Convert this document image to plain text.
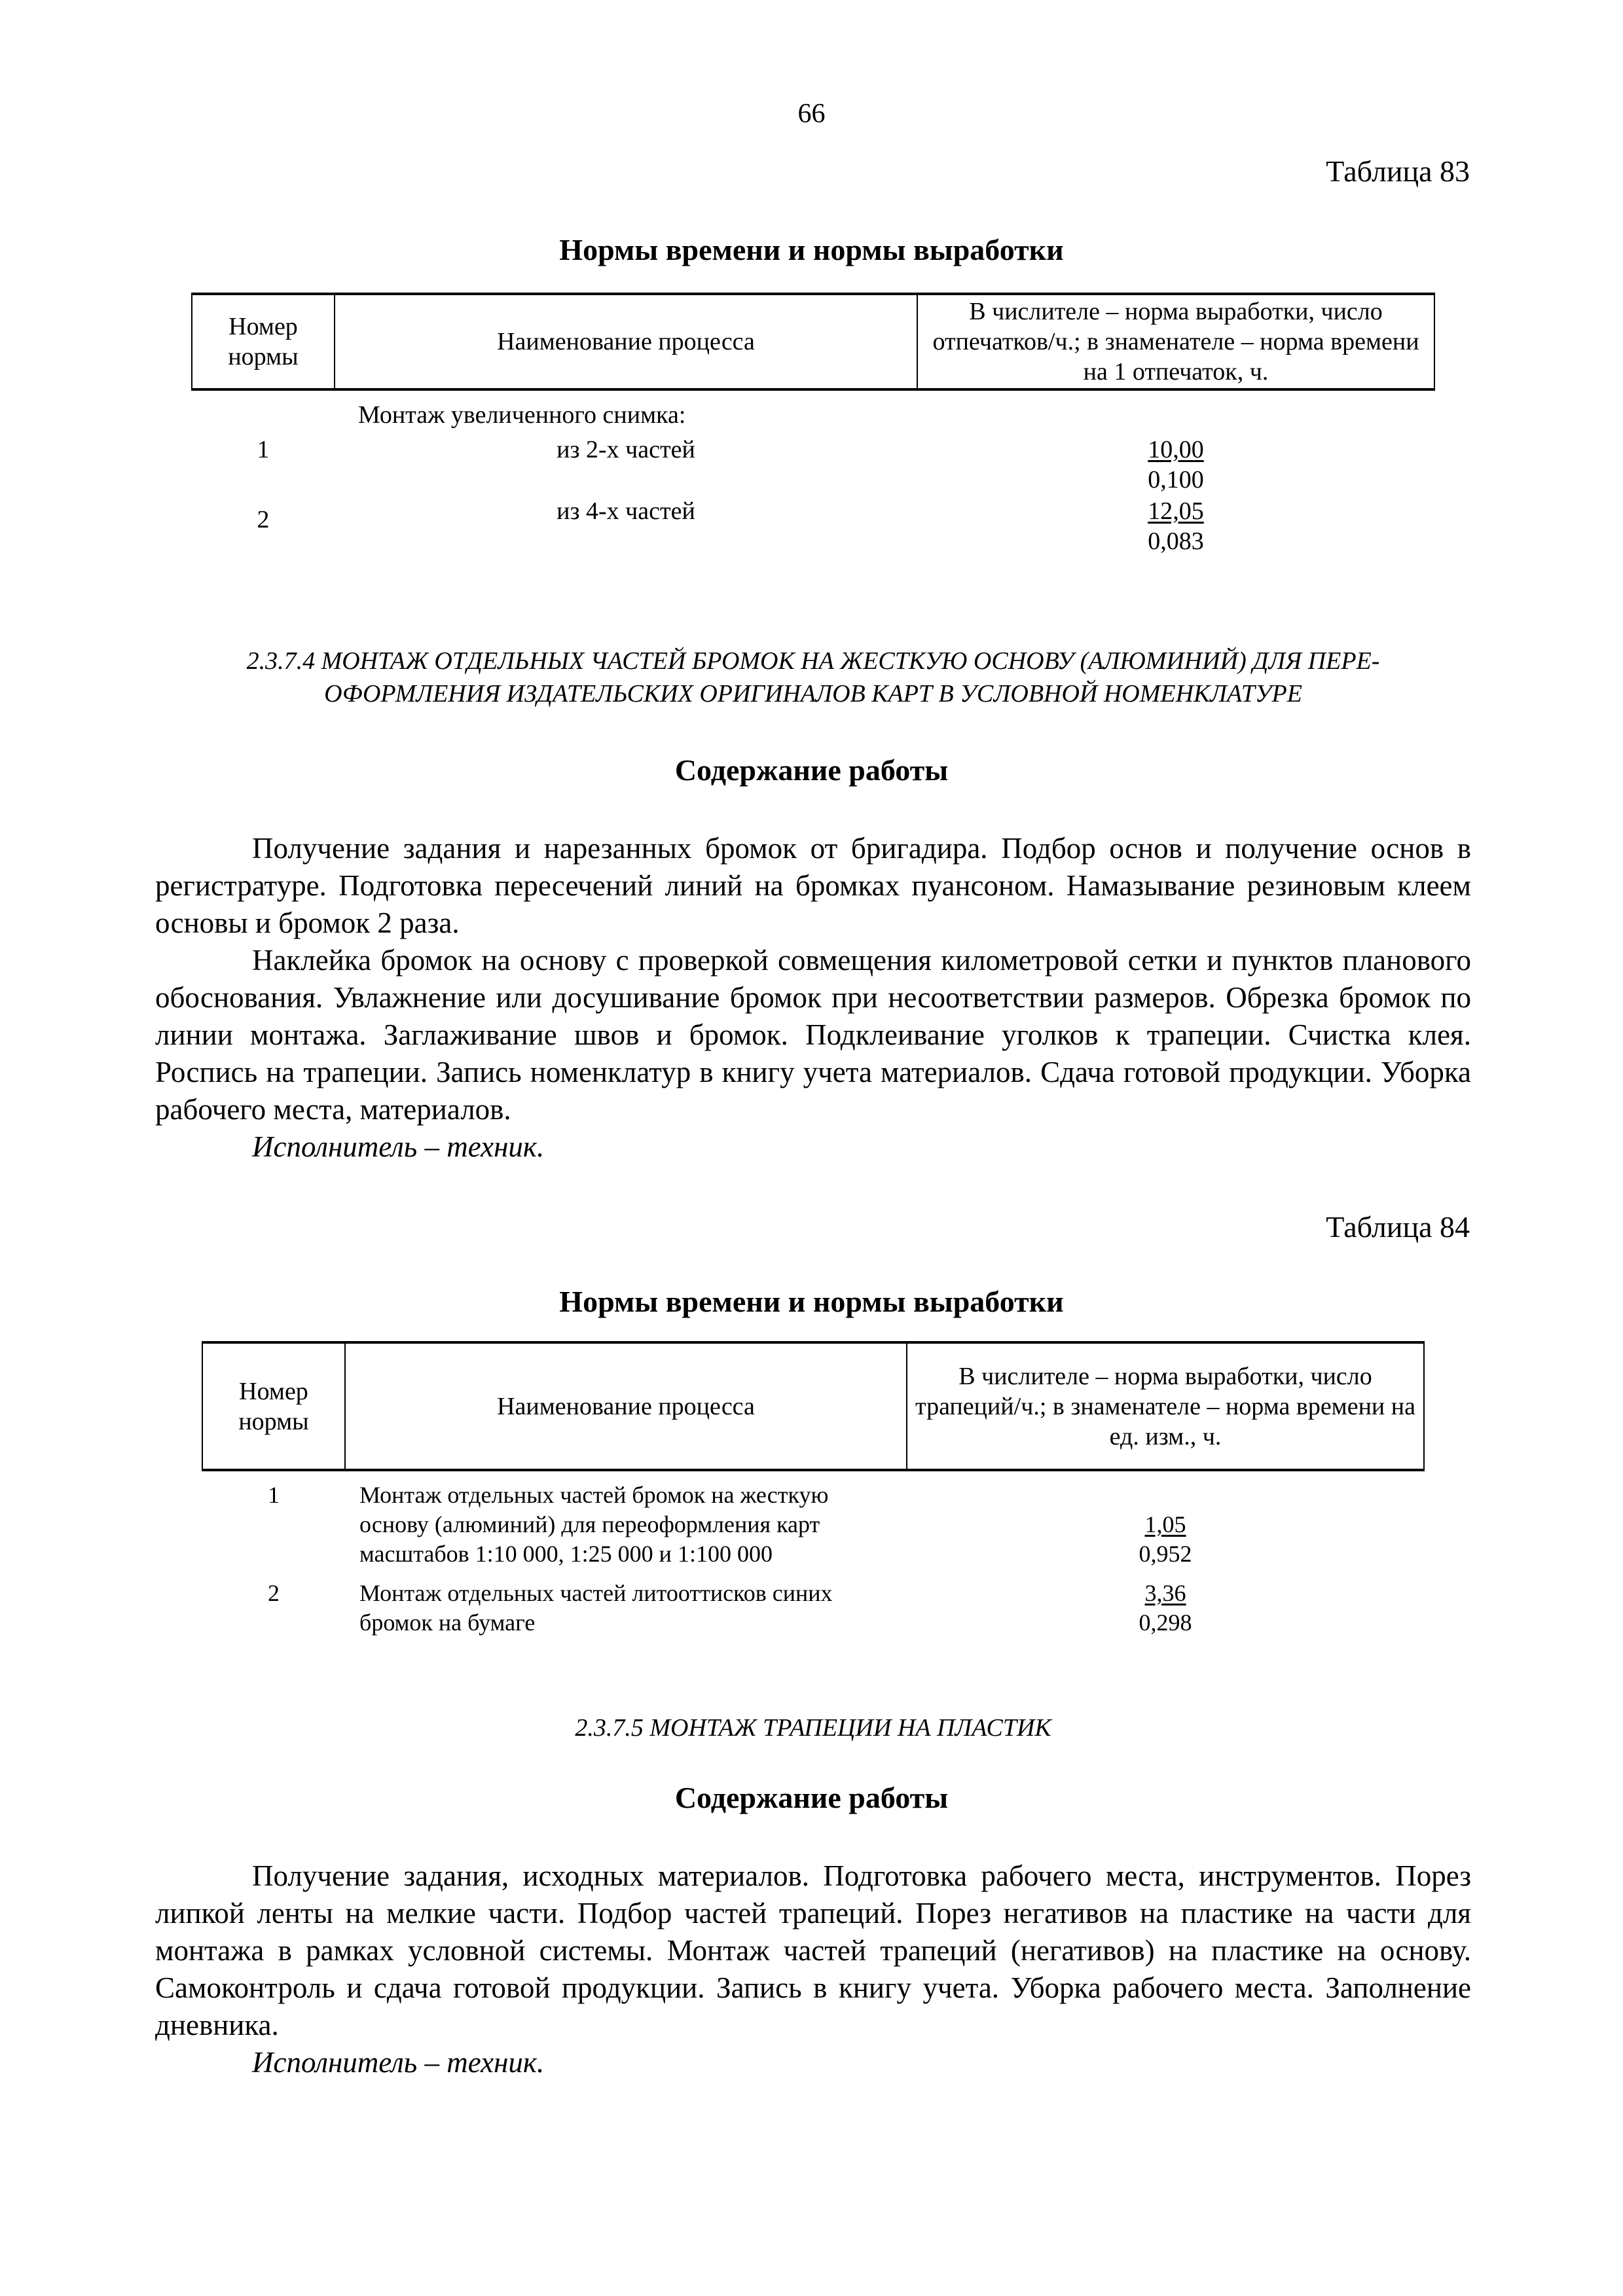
66
Таблица 83
Нормы времени и нормы выработки
Номер нормы	Наименование процесса	В числителе – норма выработки, число отпечатков/ч.; в знаменателе – норма времени на 1 отпечаток, ч.
	Монтаж увеличенного снимка:	
1	из 2-х частей	$\frac{10,00}{0,100}$

2	из 4-х частей	$\frac{12,05}{0,083}$
2.3.7.4 МОНТАЖ ОТДЕЛЬНЫХ ЧАСТЕЙ БРОМОК НА ЖЕСТКУЮ ОСНОВУ (АЛЮМИНИЙ) ДЛЯ ПЕРЕ-
ОФОРМЛЕНИЯ ИЗДАТЕЛЬСКИХ ОРИГИНАЛОВ КАРТ В УСЛОВНОЙ НОМЕНКЛАТУРЕ
Содержание работы

Получение задания и нарезанных бромок от бригадира. Подбор основ и получение основ в регистратуре. Подготовка пересечений линий на бромках пуансоном. Намазывание резиновым клеем основы и бромок 2 раза.

Наклейка бромок на основу с проверкой совмещения километровой сетки и пунктов планового обоснования. Увлажнение или досушивание бромок при несоответствии размеров. Обрезка бромок по линии монтажа. Заглаживание швов и бромок. Подклеивание уголков к трапеции. Счистка клея. Роспись на трапеции. Запись номенклатур в книгу учета материалов. Сдача готовой продукции. Уборка рабочего места, материалов.

Исполнитель – техник.

Таблица 84
Нормы времени и нормы выработки
Номер нормы	Наименование процесса	В числителе – норма выработки, число трапеций/ч.; в знаменателе – норма времени на ед. изм., ч.
1	Монтаж отдельных частей бромок на жесткую основу (алюминий) для переоформления карт масштабов 1:10 000, 1:25 000 и 1:100 000	$\frac{1,05}{0,952}$

2	Монтаж отдельных частей литооттисков синих бромок на бумаге	$\frac{3,36}{0,298}$
2.3.7.5 МОНТАЖ ТРАПЕЦИИ НА ПЛАСТИК
Содержание работы

Получение задания, исходных материалов. Подготовка рабочего места, инструментов. Порез липкой ленты на мелкие части. Подбор частей трапеций. Порез негативов на пластике на части для монтажа в рамках условной системы. Монтаж частей трапеций (негативов) на пластике на основу. Самоконтроль и сдача готовой продукции. Запись в книгу учета. Уборка рабочего места. Заполнение дневника.

Исполнитель – техник.
